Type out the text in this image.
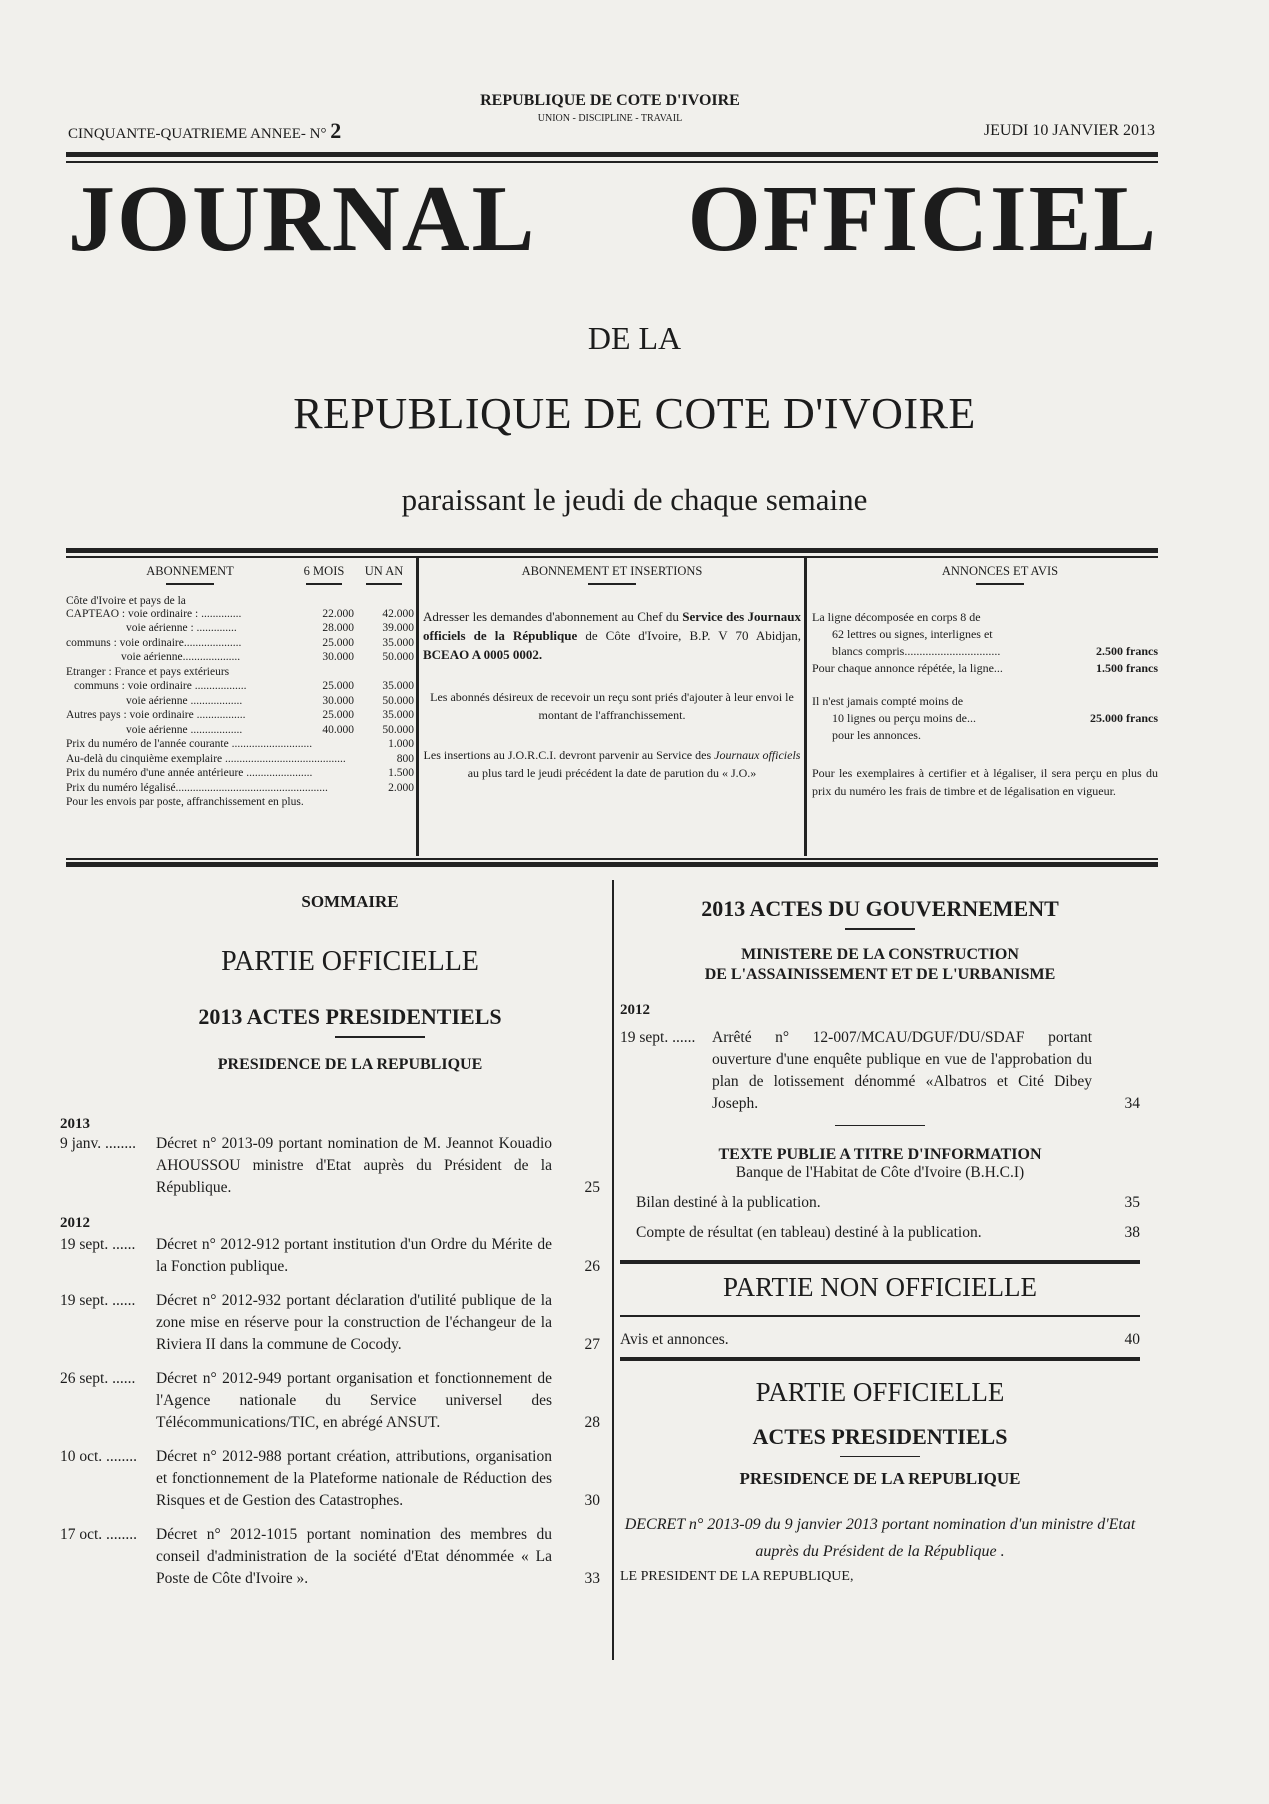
CINQUANTE-QUATRIEME ANNEE- N° 2
REPUBLIQUE DE COTE D'IVOIRE
UNION - DISCIPLINE - TRAVAIL
JEUDI 10 JANVIER 2013
JOURNAL OFFICIEL
DE LA
REPUBLIQUE DE COTE D'IVOIRE
paraissant le jeudi de chaque semaine
ABONNEMENT	6 MOIS	UN AN
Côte d'Ivoire et pays de la
CAPTEAO : voie ordinaire : ..............	22.000	42.000
voie aérienne : ..............	28.000	39.000
communs : voie ordinaire....................	25.000	35.000
voie aérienne....................	30.000	50.000
Etranger : France et pays extérieurs
communs : voie ordinaire ..................	25.000	35.000
voie aérienne ..................	30.000	50.000
Autres pays : voie ordinaire .................	25.000	35.000
voie aérienne ..................	40.000	50.000
Prix du numéro de l'année courante ............................	1.000
Au-delà du cinquième exemplaire ..........................................	800
Prix du numéro d'une année antérieure .......................	1.500
Prix du numéro légalisé.....................................................	2.000
Pour les envois par poste, affranchissement en plus.
ABONNEMENT ET INSERTIONS
Adresser les demandes d'abonnement au Chef du Service des Journaux officiels de la République de Côte d'Ivoire, B.P. V 70 Abidjan, BCEAO A 0005 0002.
Les abonnés désireux de recevoir un reçu sont priés d'ajouter à leur envoi le montant de l'affranchissement.
Les insertions au J.O.R.C.I. devront parvenir au Service des Journaux officiels au plus tard le jeudi précédent la date de parution du « J.O.»
ANNONCES ET AVIS
La ligne décomposée en corps 8 de
62 lettres ou signes, interlignes et
blancs compris................................	2.500 francs
Pour chaque annonce répétée, la ligne...	1.500 francs
Il n'est jamais compté moins de
10 lignes ou perçu moins de...	25.000 francs
pour les annonces.
Pour les exemplaires à certifier et à légaliser, il sera perçu en plus du prix du numéro les frais de timbre et de légalisation en vigueur.
SOMMAIRE
PARTIE OFFICIELLE
2013 ACTES PRESIDENTIELS
PRESIDENCE DE LA REPUBLIQUE
2013
9 janv. ........	Décret n° 2013-09 portant nomination de M. Jeannot Kouadio AHOUSSOU ministre d'Etat auprès du Président de la République.	25
2012
19 sept. ......	Décret n° 2012-912 portant institution d'un Ordre du Mérite de la Fonction publique.	26
19 sept. ......	Décret n° 2012-932 portant déclaration d'utilité publique de la zone mise en réserve pour la construction de l'échangeur de la Riviera II dans la commune de Cocody.	27
26 sept. ......	Décret n° 2012-949 portant organisation et fonctionnement de l'Agence nationale du Service universel des Télécommunications/TIC, en abrégé ANSUT.	28
10 oct. ........	Décret n° 2012-988 portant création, attributions, organisation et fonctionnement de la Plateforme nationale de Réduction des Risques et de Gestion des Catastrophes.	30
17 oct. ........	Décret n° 2012-1015 portant nomination des membres du conseil d'administration de la société d'Etat dénommée « La Poste de Côte d'Ivoire ».	33
2013 ACTES DU GOUVERNEMENT
MINISTERE DE LA CONSTRUCTION
DE L'ASSAINISSEMENT ET DE L'URBANISME
2012
19 sept. ......	Arrêté n° 12-007/MCAU/DGUF/DU/SDAF portant ouverture d'une enquête publique en vue de l'approbation du plan de lotissement dénommé «Albatros et Cité Dibey Joseph.	34
TEXTE PUBLIE A TITRE D'INFORMATION
Banque de l'Habitat de Côte d'Ivoire (B.H.C.I)
Bilan destiné à la publication.	35
Compte de résultat (en tableau) destiné à la publication.	38
PARTIE NON OFFICIELLE
Avis et annonces.	40
PARTIE OFFICIELLE
ACTES PRESIDENTIELS
PRESIDENCE DE LA REPUBLIQUE
DECRET n° 2013-09 du 9 janvier 2013 portant nomination d'un ministre d'Etat auprès du Président de la République .
LE PRESIDENT DE LA REPUBLIQUE,
